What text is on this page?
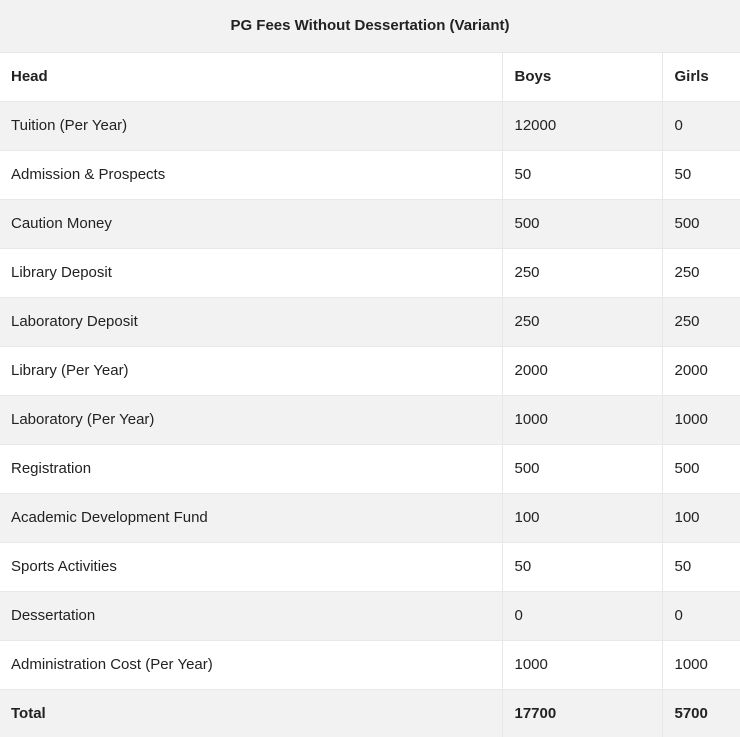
PG Fees Without Dessertation (Variant)		
Head	Boys	Girls
Tuition (Per Year)	12000	0
Admission & Prospects	50	50
Caution Money	500	500
Library Deposit	250	250
Laboratory Deposit	250	250
Library (Per Year)	2000	2000
Laboratory (Per Year)	1000	1000
Registration	500	500
Academic Development Fund	100	100
Sports Activities	50	50
Dessertation	0	0
Administration Cost (Per Year)	1000	1000
Total	17700	5700
